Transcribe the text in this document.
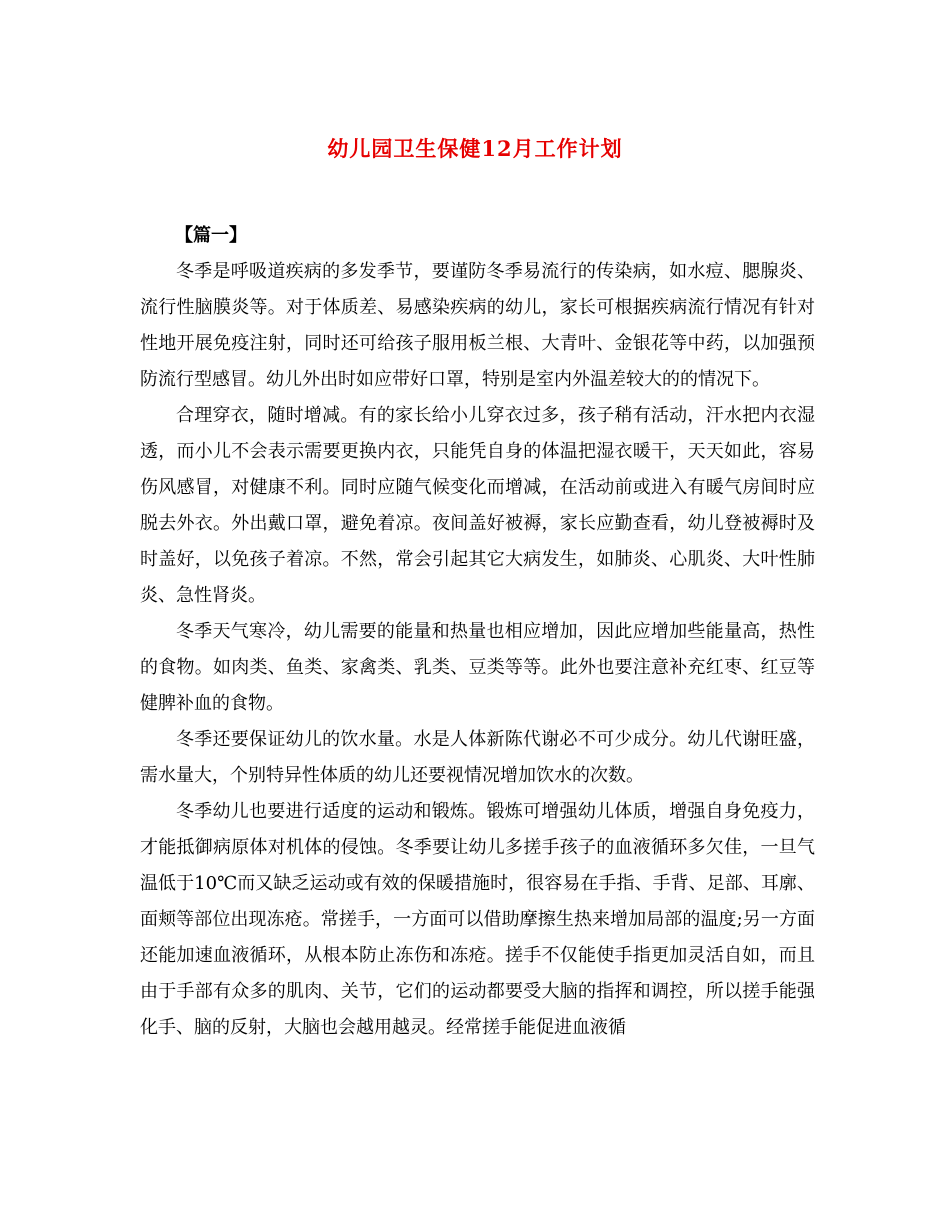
幼儿园卫生保健12月工作计划

【篇一】

冬季是呼吸道疾病的多发季节，要谨防冬季易流行的传染病，如水痘、腮腺炎、流行性脑膜炎等。对于体质差、易感染疾病的幼儿，家长可根据疾病流行情况有针对性地开展免疫注射，同时还可给孩子服用板兰根、大青叶、金银花等中药，以加强预防流行型感冒。幼儿外出时如应带好口罩，特别是室内外温差较大的的情况下。

合理穿衣，随时增减。有的家长给小儿穿衣过多，孩子稍有活动，汗水把内衣湿透，而小儿不会表示需要更换内衣，只能凭自身的体温把湿衣暖干，天天如此，容易伤风感冒，对健康不利。同时应随气候变化而增减，在活动前或进入有暖气房间时应脱去外衣。外出戴口罩，避免着凉。夜间盖好被褥，家长应勤查看，幼儿登被褥时及时盖好，以免孩子着凉。不然，常会引起其它大病发生，如肺炎、心肌炎、大叶性肺炎、急性肾炎。

冬季天气寒冷，幼儿需要的能量和热量也相应增加，因此应增加些能量高，热性的食物。如肉类、鱼类、家禽类、乳类、豆类等等。此外也要注意补充红枣、红豆等健脾补血的食物。

冬季还要保证幼儿的饮水量。水是人体新陈代谢必不可少成分。幼儿代谢旺盛，需水量大，个别特异性体质的幼儿还要视情况增加饮水的次数。

冬季幼儿也要进行适度的运动和锻炼。锻炼可增强幼儿体质，增强自身免疫力，才能抵御病原体对机体的侵蚀。冬季要让幼儿多搓手孩子的血液循环多欠佳，一旦气温低于10℃而又缺乏运动或有效的保暖措施时，很容易在手指、手背、足部、耳廓、面颊等部位出现冻疮。常搓手，一方面可以借助摩擦生热来增加局部的温度;另一方面还能加速血液循环，从根本防止冻伤和冻疮。搓手不仅能使手指更加灵活自如，而且由于手部有众多的肌肉、关节，它们的运动都要受大脑的指挥和调控，所以搓手能强化手、脑的反射，大脑也会越用越灵。经常搓手能促进血液循
